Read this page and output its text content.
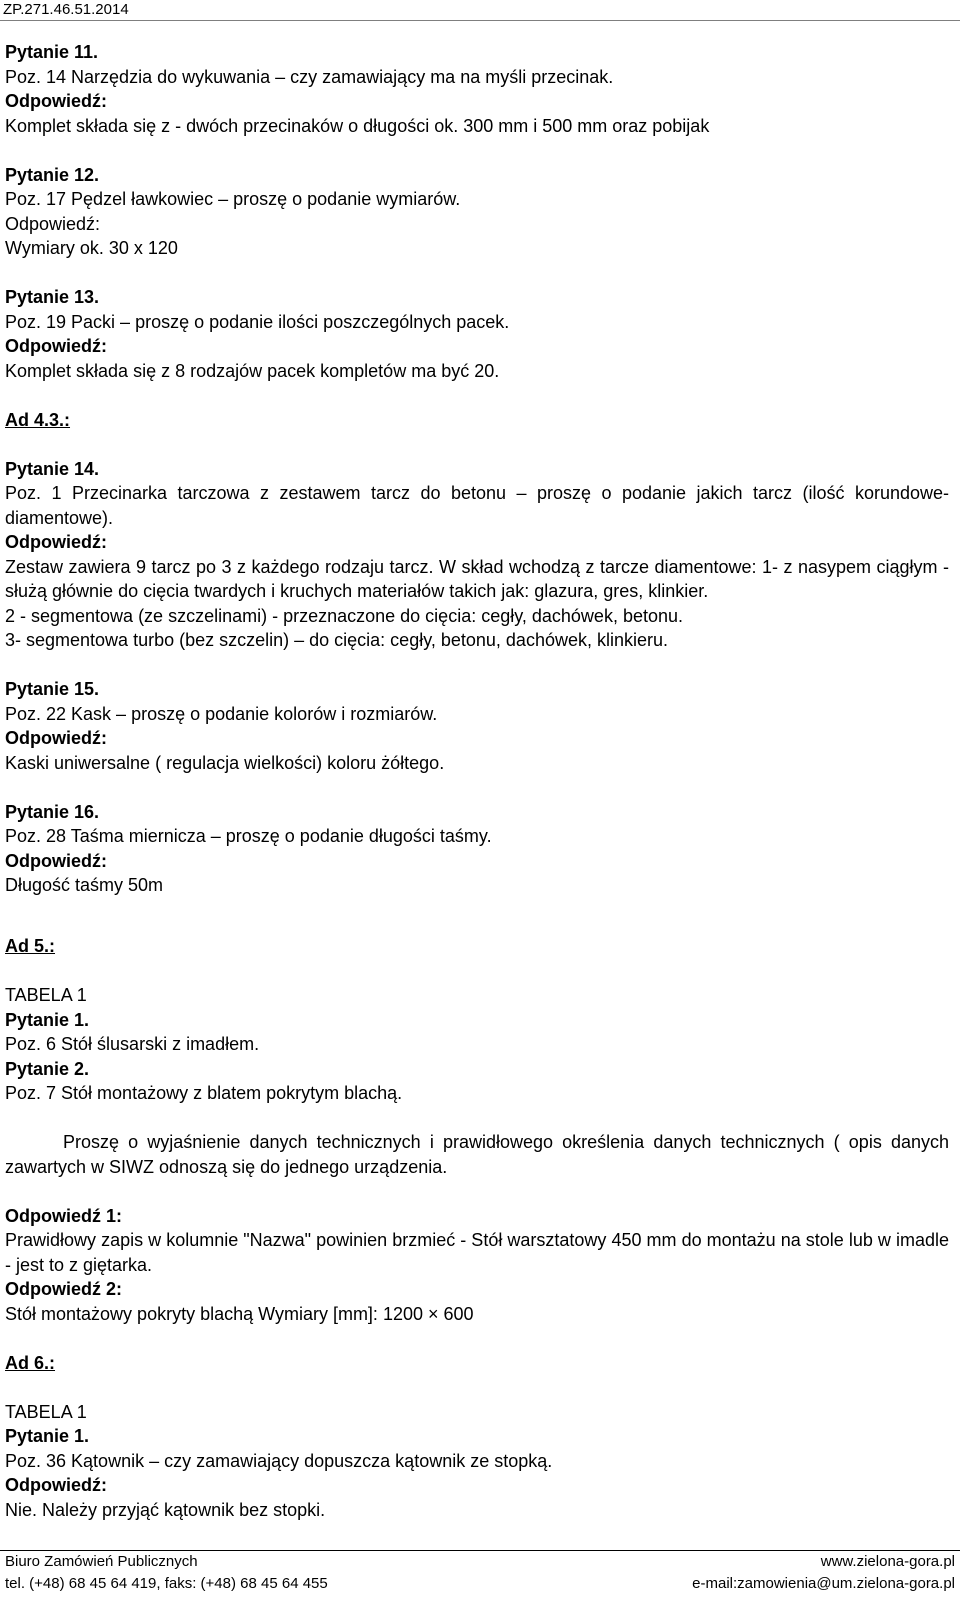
ZP.271.46.51.2014
Pytanie 11.
Poz. 14 Narzędzia do wykuwania – czy zamawiający ma na myśli przecinak.
Odpowiedź:
Komplet składa się z - dwóch przecinaków o długości ok. 300 mm i 500 mm oraz pobijak
Pytanie 12.
Poz. 17 Pędzel ławkowiec – proszę o podanie wymiarów.
Odpowiedź:
Wymiary ok. 30 x 120
Pytanie 13.
Poz. 19 Packi – proszę o podanie ilości poszczególnych pacek.
Odpowiedź:
Komplet składa się z 8 rodzajów pacek kompletów ma być 20.
Ad 4.3.:
Pytanie 14.
Poz. 1 Przecinarka tarczowa z zestawem tarcz do betonu – proszę o podanie jakich tarcz (ilość korundowe-diamentowe).
Odpowiedź:
Zestaw zawiera 9 tarcz po 3 z każdego rodzaju tarcz. W skład wchodzą z tarcze diamentowe: 1- z nasypem ciągłym - służą głównie do cięcia twardych i kruchych materiałów takich jak: glazura, gres, klinkier.
2 - segmentowa (ze szczelinami) - przeznaczone do cięcia: cegły, dachówek, betonu.
3- segmentowa turbo (bez szczelin) – do cięcia: cegły, betonu, dachówek, klinkieru.
Pytanie 15.
Poz. 22 Kask – proszę o podanie kolorów i rozmiarów.
Odpowiedź:
Kaski uniwersalne ( regulacja wielkości) koloru żółtego.
Pytanie 16.
Poz. 28 Taśma miernicza – proszę o podanie długości taśmy.
Odpowiedź:
Długość taśmy 50m
Ad 5.:
TABELA 1
Pytanie 1.
Poz. 6 Stół ślusarski z imadłem.
Pytanie 2.
Poz. 7 Stół montażowy z blatem pokrytym blachą.
Proszę o wyjaśnienie danych technicznych i prawidłowego określenia danych technicznych ( opis danych zawartych w SIWZ odnoszą się do jednego urządzenia.
Odpowiedź 1:
Prawidłowy zapis w kolumnie "Nazwa" powinien brzmieć - Stół warsztatowy 450 mm do montażu na stole lub w imadle - jest to z giętarka.
Odpowiedź 2:
Stół montażowy pokryty blachą Wymiary [mm]: 1200 × 600
Ad 6.:
TABELA 1
Pytanie 1.
Poz. 36 Kątownik – czy zamawiający dopuszcza kątownik ze stopką.
Odpowiedź:
Nie. Należy przyjąć kątownik bez stopki.
Biuro Zamówień Publicznych	www.zielona-gora.pl
tel. (+48) 68 45 64 419, faks: (+48) 68 45 64 455	e-mail:zamowienia@um.zielona-gora.pl
